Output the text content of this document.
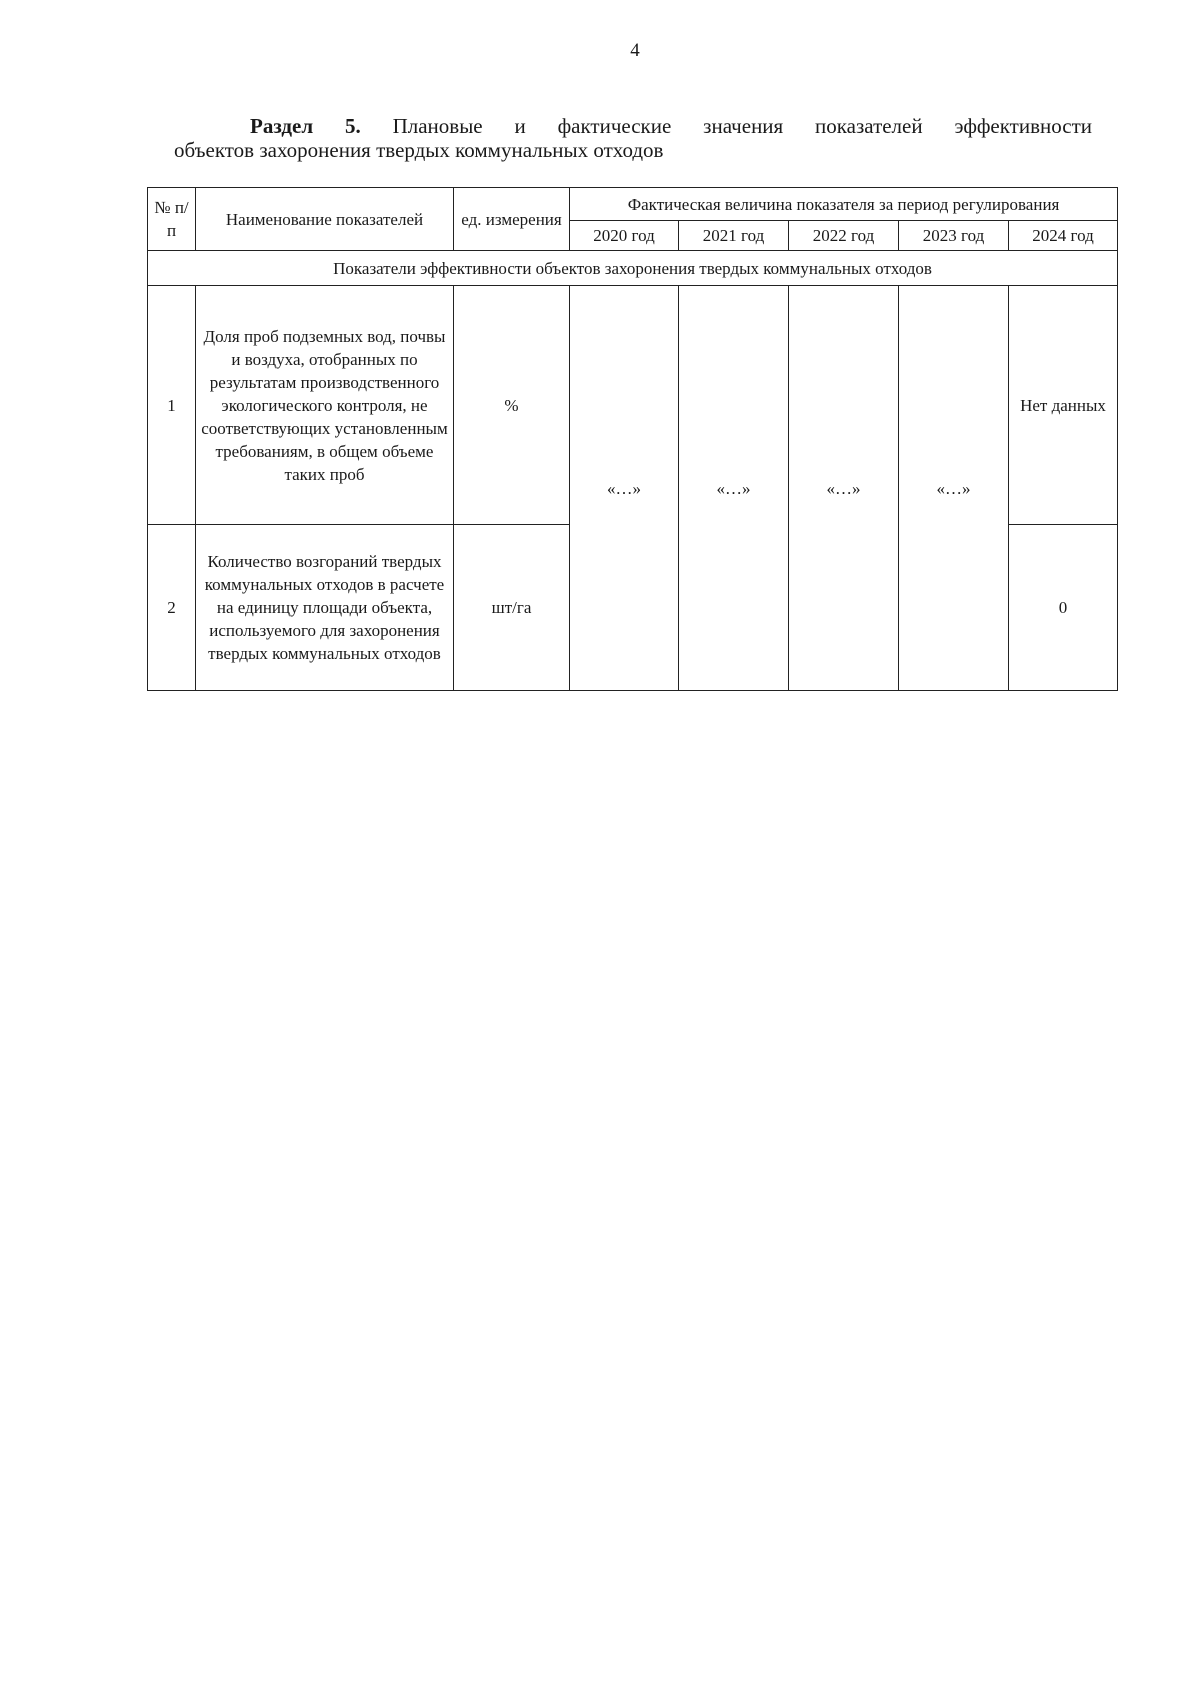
4
Раздел 5. Плановые и фактические значения показателей эффективности
объектов захоронения твердых коммунальных отходов
№ п/п	Наименование показателей	ед. измерения	Фактическая величина показателя за период регулирования				
			2020 год	2021 год	2022 год	2023 год	2024 год
Показатели эффективности объектов захоронения твердых коммунальных отходов							
1	Доля проб подземных вод, почвы и воздуха, отобранных по результатам производственного экологического контроля, не соответствующих установленным требованиям, в общем объеме таких проб	%	«…»	«…»	«…»	«…»	Нет данных
2	Количество возгораний твердых коммунальных отходов в расчете на единицу площади объекта, используемого для захоронения твердых коммунальных отходов	шт/га					0
